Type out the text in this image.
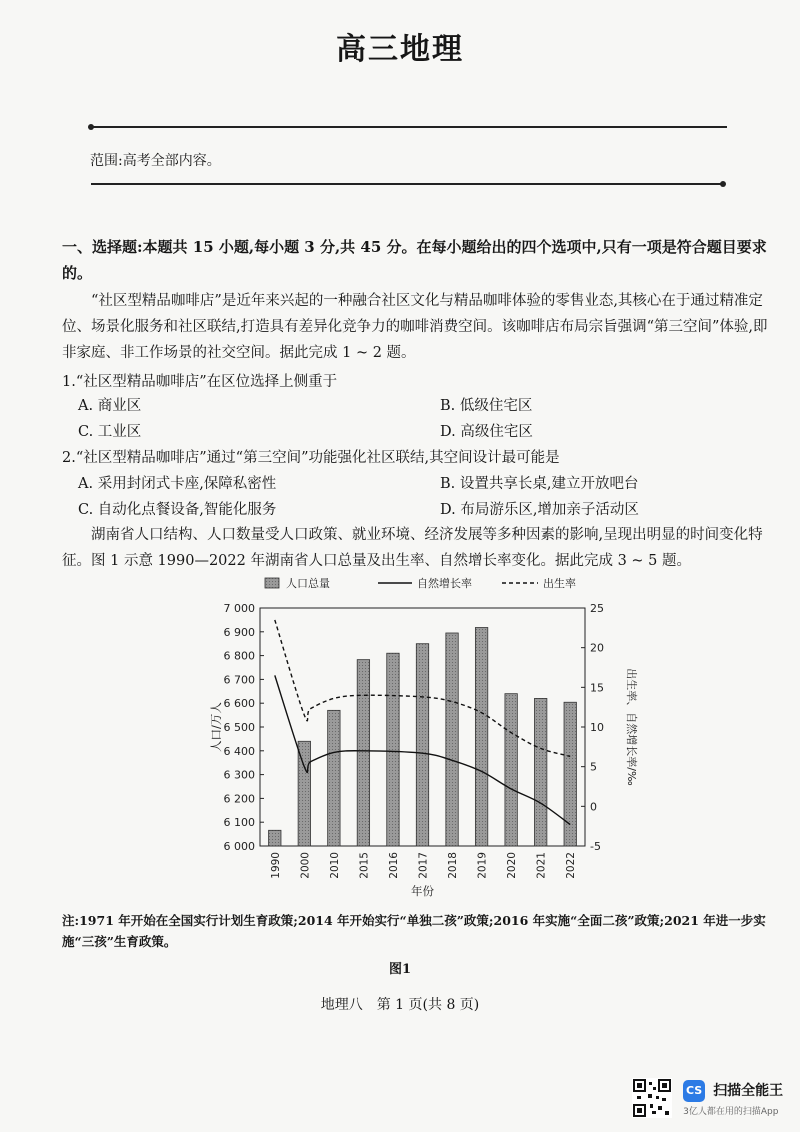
高三地理
范围:高考全部内容。
一、选择题:本题共 15 小题,每小题 3 分,共 45 分。在每小题给出的四个选项中,只有一项是符合题目要求的。
“社区型精品咖啡店”是近年来兴起的一种融合社区文化与精品咖啡体验的零售业态,其核心在于通过精准定位、场景化服务和社区联结,打造具有差异化竞争力的咖啡消费空间。该咖啡店布局宗旨强调“第三空间”体验,即非家庭、非工作场景的社交空间。据此完成 1 ~ 2 题。
1.“社区型精品咖啡店”在区位选择上侧重于
A. 商业区	B. 低级住宅区
C. 工业区	D. 高级住宅区
2.“社区型精品咖啡店”通过“第三空间”功能强化社区联结,其空间设计最可能是
A. 采用封闭式卡座,保障私密性	B. 设置共享长桌,建立开放吧台
C. 自动化点餐设备,智能化服务	D. 布局游乐区,增加亲子活动区
湖南省人口结构、人口数量受人口政策、就业环境、经济发展等多种因素的影响,呈现出明显的时间变化特征。图 1 示意 1990—2022 年湖南省人口总量及出生率、自然增长率变化。据此完成 3 ~ 5 题。
7 000
6 900
6 800
6 700
6 600
6 500
6 400
6 300
6 200
6 100
6 000
25
20
15
10
5
0
-5
1990 2000 2010 2015 2016 2017 2018 2019 2020 2021 2022
人口总量	自然增长率	出生率
人口/万人	出生率、自然增长率/‰
年份
注:1971 年开始在全国实行计划生育政策;2014 年开始实行“单独二孩”政策;2016 年实施“全面二孩”政策;2021 年进一步实施“三孩”生育政策。
图1
地理八　第 1 页(共 8 页)
CS 扫描全能王
3亿人都在用的扫描App
